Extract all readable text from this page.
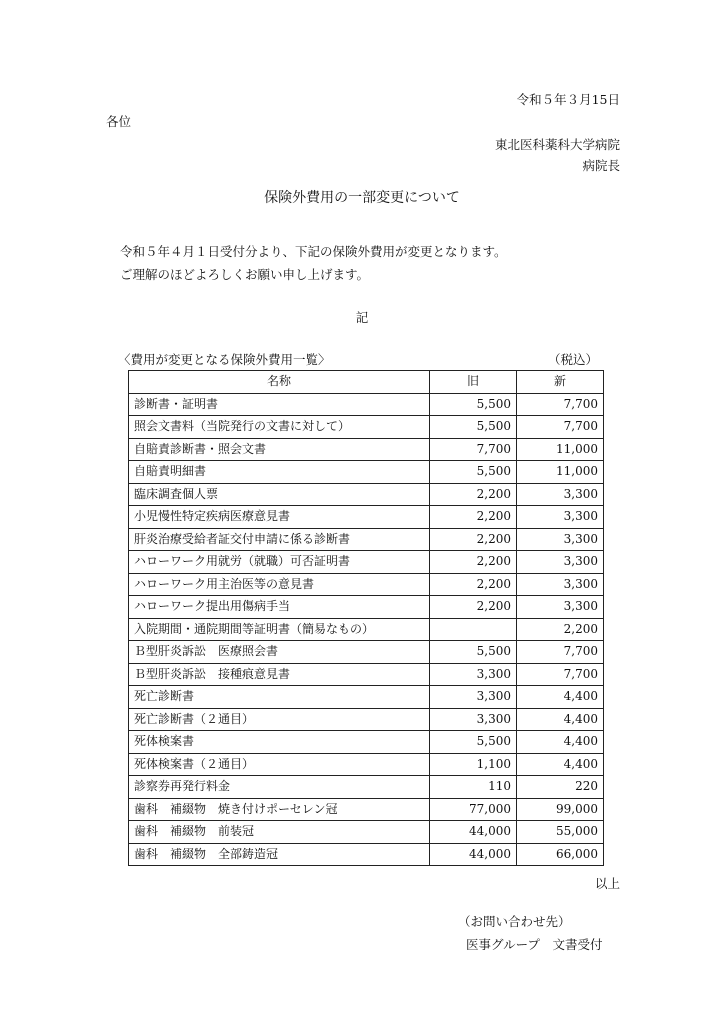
令和５年３月15日
各位
東北医科薬科大学病院
病院長
保険外費用の一部変更について
令和５年４月１日受付分より、下記の保険外費用が変更となります。
ご理解のほどよろしくお願い申し上げます。
記
〈費用が変更となる保険外費用一覧〉	（税込）
名称	旧	新
診断書・証明書	5,500	7,700
照会文書料（当院発行の文書に対して）	5,500	7,700
自賠責診断書・照会文書	7,700	11,000
自賠責明細書	5,500	11,000
臨床調査個人票	2,200	3,300
小児慢性特定疾病医療意見書	2,200	3,300
肝炎治療受給者証交付申請に係る診断書	2,200	3,300
ハローワーク用就労（就職）可否証明書	2,200	3,300
ハローワーク用主治医等の意見書	2,200	3,300
ハローワーク提出用傷病手当	2,200	3,300
入院期間・通院期間等証明書（簡易なもの）		2,200
Ｂ型肝炎訴訟　医療照会書	5,500	7,700
Ｂ型肝炎訴訟　接種痕意見書	3,300	7,700
死亡診断書	3,300	4,400
死亡診断書（２通目）	3,300	4,400
死体検案書	5,500	4,400
死体検案書（２通目）	1,100	4,400
診察券再発行料金	110	220
歯科　補綴物　焼き付けポーセレン冠	77,000	99,000
歯科　補綴物　前装冠	44,000	55,000
歯科　補綴物　全部鋳造冠	44,000	66,000
以上
（お問い合わせ先）
医事グループ　文書受付
